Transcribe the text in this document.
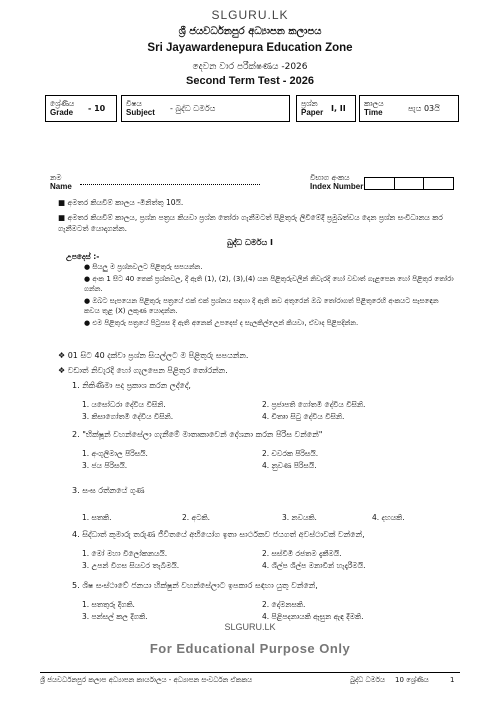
SLGURU.LK
ශ්‍රී ජයවර්ධනපුර අධ්‍යාපන කලාපය
Sri Jayawardenepura Education Zone
දෙවන වාර පරීක්ෂණය -2026
Second Term Test - 2026
ශ්‍රේණිය
Grade - 10
විෂය
Subject - බුද්ධ ධර්මය
ප්‍රශ්න
Paper I, II
කාලය
Time	පැය 03යි
නම
Name
විභාග අංකය
Index Number
■ අමතර කියවීම් කාලය -මිනිත්තු 10යි.
■ අමතර කියවීම් කාලය, ප්‍රශ්න පත්‍රය කියවා ප්‍රශ්න තෝරා ගැනීමටත් පිළිතුරු ලිවීමේදී ප්‍රමුඛත්වය දෙන ප්‍රශ්න සංවිධානය කර ගැනීමටත් යොදාගන්න.
බුද්ධ ධර්මය I
උපදෙස් :-
● සියලු ම ප්‍රශ්නවලට පිළිතුරු සපයන්න.
● අංක 1 සිට 40 තෙක් ප්‍රශ්නවල, දී ඇති (1), (2), (3),(4) යන පිළිතුරුවලින් නිවැරදි හෝ වඩාත් ගැළපෙන හෝ පිළිතුර තෝරා ගන්න.
● ඔබට සැපයෙන පිළිතුරු පත්‍රයේ එක් එක් ප්‍රශ්නය සඳහා දී ඇති කව අතුරෙන් ඔබ තෝරාගත් පිළිතුරෙහි අංකයට සැසඳෙන කවය තුළ (X) ලකුණ යොදන්න.
● එම පිළිතුරු පත්‍රයේ පිටුපස දී ඇති අනෙක් උපදෙස් ද සැලකිල්ලෙන් කියවා, ඒවාද පිළිපදින්න.
❖ 01 සිට 40 දක්වා ප්‍රශ්න සියල්ලට ම පිළිතුරු සපයන්න.
❖ වඩාත් නිවැරදි හෝ ගැලපෙන පිළිතුර තෝරන්න.
1. නිකිණිමා පද ප්‍රකාශ කරන ලද්දේ,
1. යසෝධරා දේවිය විසිනි.	2. ප්‍රජාපති ගෝතමී දේවිය විසිනි.
3. කිසාගෝතමී දේවිය විසිනි.	4. චිතෘා සිටු දේවිය විසිනි.
2. "භික්ෂූන් වහන්සේලා ගැනීමේ මාතෘකාවෙන් දේශනා කරන පිරිස වන්නේ"
1. අංගුලිමාල පිරිසයි.	2. චවරක පිරිසයි.
3. ජය පිරිසයි.	4. නුවණ පිරිසයි.
3. සංඝ රත්නයේ ගුණ
1. සතකි.	2. අටකි.	3. නවයකි.	4. දහයකි.
4. සිද්ධාත් කුමාරු තරුණ ජීවිතයේ අභියෝග ඉතා සාර්ථකව ජයගත් අවස්ථාවක් වන්නේ,
1. මෝ මහා විලෝකනයයි.	2. සස්වීමි රජතම දැකීමයි.
3. උපන් විගස සියවර තැබීමයි.	4. ශිල්ප ශිල්ප මනාවීන් හැදෑරීමයි.
5. ශිෂ සංස්ථාවේ ජනයා හික්ෂුන් වහන්සේලාට ඉපකාර සඳහා යුතු වන්නේ,
1. සතතුරු දිගකි.	2. දෝමනසකි.
3. පන්සල් කල දිගකි.	4. පිළිපදනායකි ඈසුන ඇඳ දීමකි.
SLGURU.LK
For Educational Purpose Only
ශ්‍රී ජයවර්ධනපුර කලාප අධ්‍යාපන කාර්යාලය - අධ්‍යාපන සංවර්ධන ඒකකය	බුද්ධ ධර්මය 10 ශ්‍රේණිය	1
